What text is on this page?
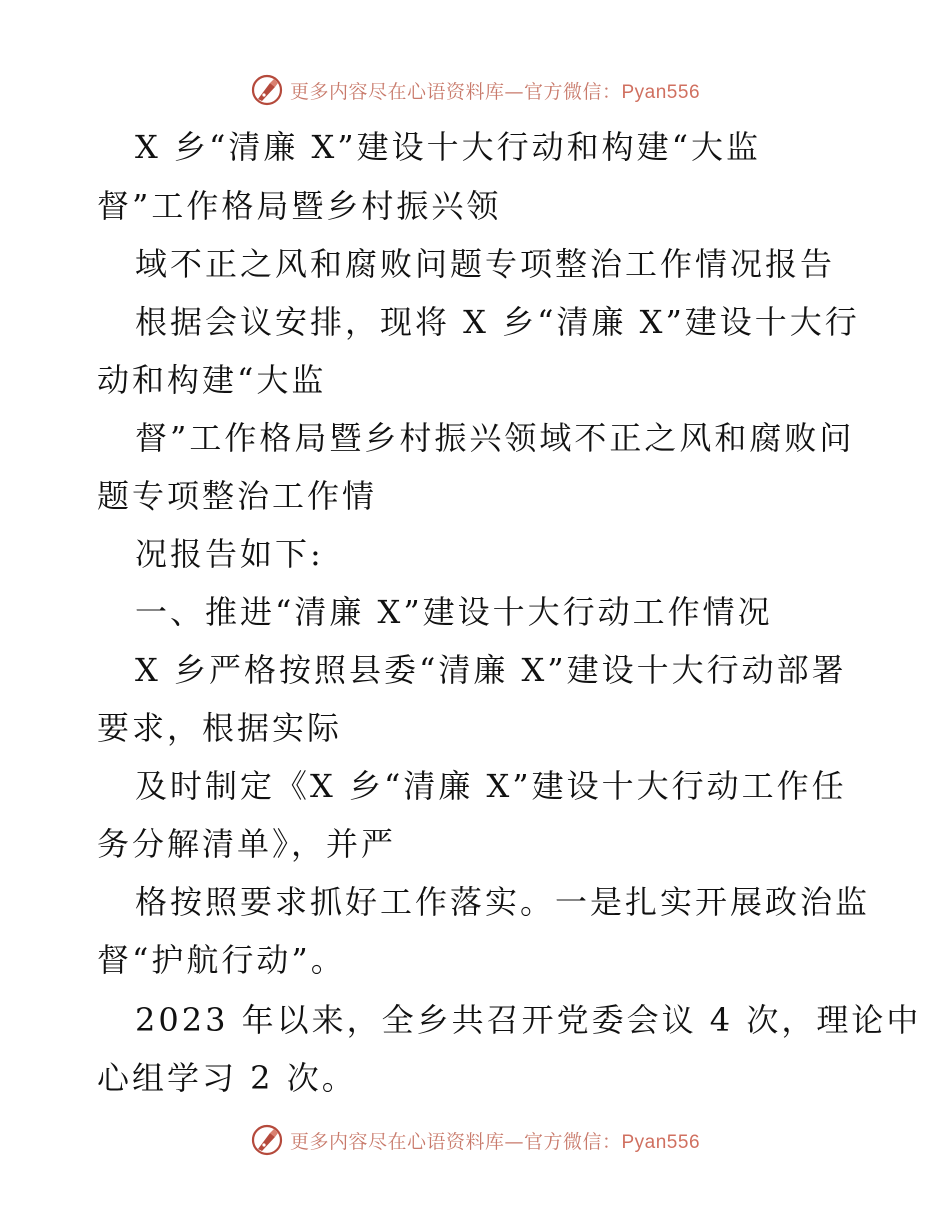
更多内容尽在心语资料库—官方微信：Pyan556
X 乡“清廉 X”建设十大行动和构建“大监
督”工作格局暨乡村振兴领
域不正之风和腐败问题专项整治工作情况报告
根据会议安排，现将 X 乡“清廉 X”建设十大行
动和构建“大监
督”工作格局暨乡村振兴领域不正之风和腐败问
题专项整治工作情
况报告如下:
一、推进“清廉 X”建设十大行动工作情况
X 乡严格按照县委“清廉 X”建设十大行动部署
要求，根据实际
及时制定《X 乡“清廉 X”建设十大行动工作任
务分解清单》，并严
格按照要求抓好工作落实。一是扎实开展政治监
督“护航行动”。
2023 年以来，全乡共召开党委会议 4 次，理论中
心组学习 2 次。
更多内容尽在心语资料库—官方微信：Pyan556
